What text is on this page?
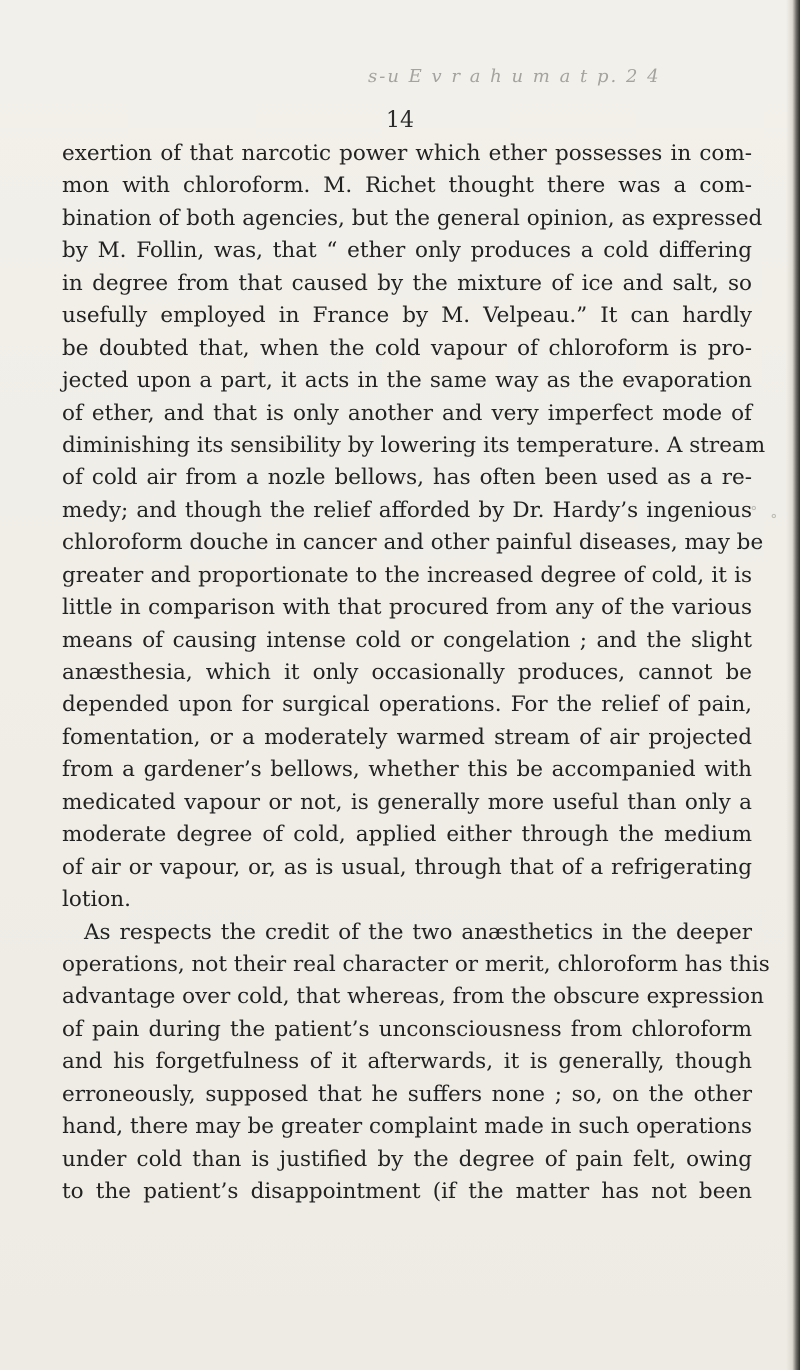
s-u E v r a h u m a t p. 2 4
14
exertion of that narcotic power which ether possesses in com-
mon with chloroform. M. Richet thought there was a com-
bination of both agencies, but the general opinion, as expressed
by M. Follin, was, that “ ether only produces a cold differing
in degree from that caused by the mixture of ice and salt, so
usefully employed in France by M. Velpeau.” It can hardly
be doubted that, when the cold vapour of chloroform is pro-
jected upon a part, it acts in the same way as the evaporation
of ether, and that is only another and very imperfect mode of
diminishing its sensibility by lowering its temperature. A stream
of cold air from a nozle bellows, has often been used as a re-
medy; and though the relief afforded by Dr. Hardy’s ingenious
chloroform douche in cancer and other painful diseases, may be
greater and proportionate to the increased degree of cold, it is
little in comparison with that procured from any of the various
means of causing intense cold or congelation ; and the slight
anæsthesia, which it only occasionally produces, cannot be
depended upon for surgical operations. For the relief of pain,
fomentation, or a moderately warmed stream of air projected
from a gardener’s bellows, whether this be accompanied with
medicated vapour or not, is generally more useful than only a
moderate degree of cold, applied either through the medium
of air or vapour, or, as is usual, through that of a refrigerating
lotion.
As respects the credit of the two anæsthetics in the deeper
operations, not their real character or merit, chloroform has this
advantage over cold, that whereas, from the obscure expression
of pain during the patient’s unconsciousness from chloroform
and his forgetfulness of it afterwards, it is generally, though
erroneously, supposed that he suffers none ; so, on the other
hand, there may be greater complaint made in such operations
under cold than is justified by the degree of pain felt, owing
to the patient’s disappointment (if the matter has not been
∘ ∘
